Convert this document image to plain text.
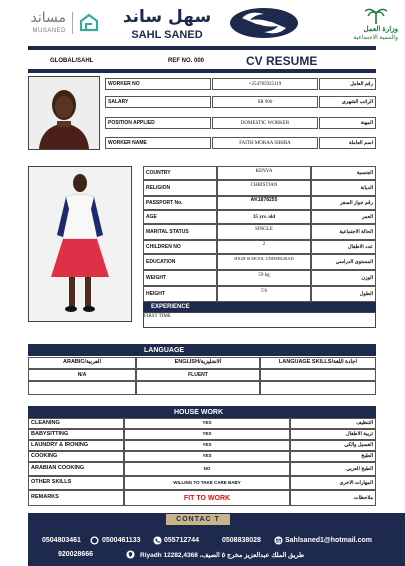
مساند
MUSANED
سهل ساند
SAHL SANED	وزارة العمل
والتنمية الاجتماعية
GLOBAL/SAHL	REF NO. 000	CV RESUME
WORKER NO	+254785925119	رقم العامل
SALARY	SR 900	الراتب الشهري
POSITION APPLIED	DOMESTIC WORKER	المهنة
WORKER NAME	FAITH MORAA SIRIBA	اسم العاملة
COUNTRY	KENYA	الجنسية
RELIGION	CHRISTIAN	الديانة
PASSPORT No.	AK1878255	رقم جواز السفر
AGE	35 yrs. old	العمر
MARITAL STATUS	SINGLE	الحالة الاجتماعية
CHILDREN NO	2	عدد الاطفال
EDUCATION	HIGH SCHOOL UNDERGRAD	المستوى الدراسي
WEIGHT	59 kg	الوزن
HEIGHT	5'6	الطول
EXPERIENCE
FIRST TIME
LANGUAGE
ARABIC/العربية	ENGLISH/الانجليزية	LANGUAGE SKILLS/اجادة اللغة
N/A	FLUENT
HOUSE WORK
CLEANING	YES	التنظيف
BABYSITTING	YES	تربية الاطفال
LAUNDRY & IRONING	YES	الغسيل والكي
COOKING	YES	الطبخ
ARABIAN COOKING	NO	الطبخ العربي
OTHER SKILLS	WILLING TO TAKE CARE BABY	المهارات الاخرى
REMARKS	FIT TO WORK	ملاحظات
CONTAC T
0504803461	0500461133	055712744	0508838028	Sahlsaned1@hotmail.com
920028666	Riyadh 12282,4368 ،طريق الملك عبدالعزيز مخرج ٥ الصيف
